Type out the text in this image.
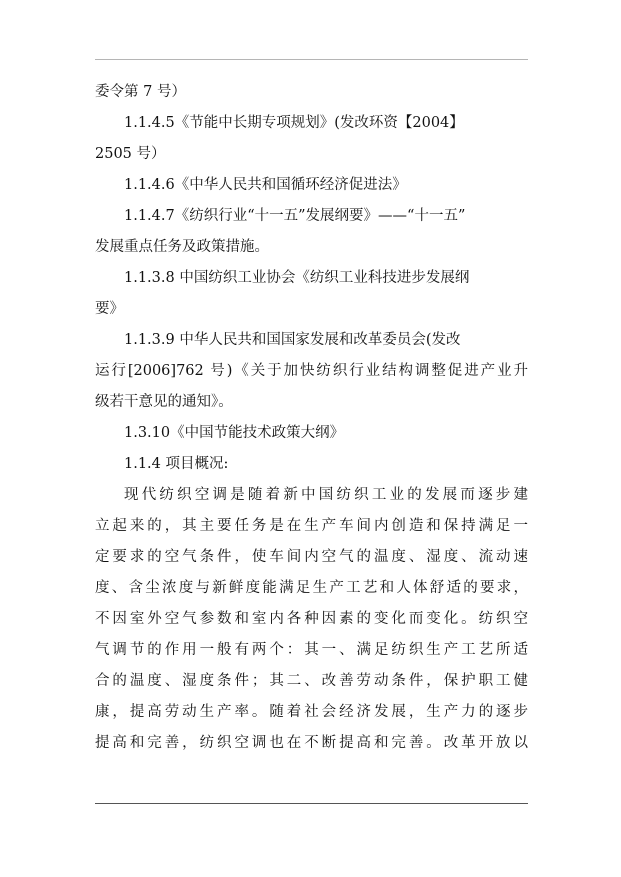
委令第 7 号）
1.1.4.5《节能中长期专项规划》(发改环资【2004】
2505 号）
1.1.4.6《中华人民共和国循环经济促进法》
1.1.4.7《纺织行业“十一五”发展纲要》——“十一五”
发展重点任务及政策措施。
1.1.3.8 中国纺织工业协会《纺织工业科技进步发展纲
要》
1.1.3.9 中华人民共和国国家发展和改革委员会(发改
运行[2006]762 号)《关于加快纺织行业结构调整促进产业升
级若干意见的通知》。
1.3.10《中国节能技术政策大纲》
1.1.4 项目概况:
现代纺织空调是随着新中国纺织工业的发展而逐步建
立起来的，其主要任务是在生产车间内创造和保持满足一
定要求的空气条件，使车间内空气的温度、湿度、流动速
度、含尘浓度与新鲜度能满足生产工艺和人体舒适的要求，
不因室外空气参数和室内各种因素的变化而变化。纺织空
气调节的作用一般有两个：其一、满足纺织生产工艺所适
合的温度、湿度条件；其二、改善劳动条件，保护职工健
康，提高劳动生产率。随着社会经济发展，生产力的逐步
提高和完善，纺织空调也在不断提高和完善。改革开放以
